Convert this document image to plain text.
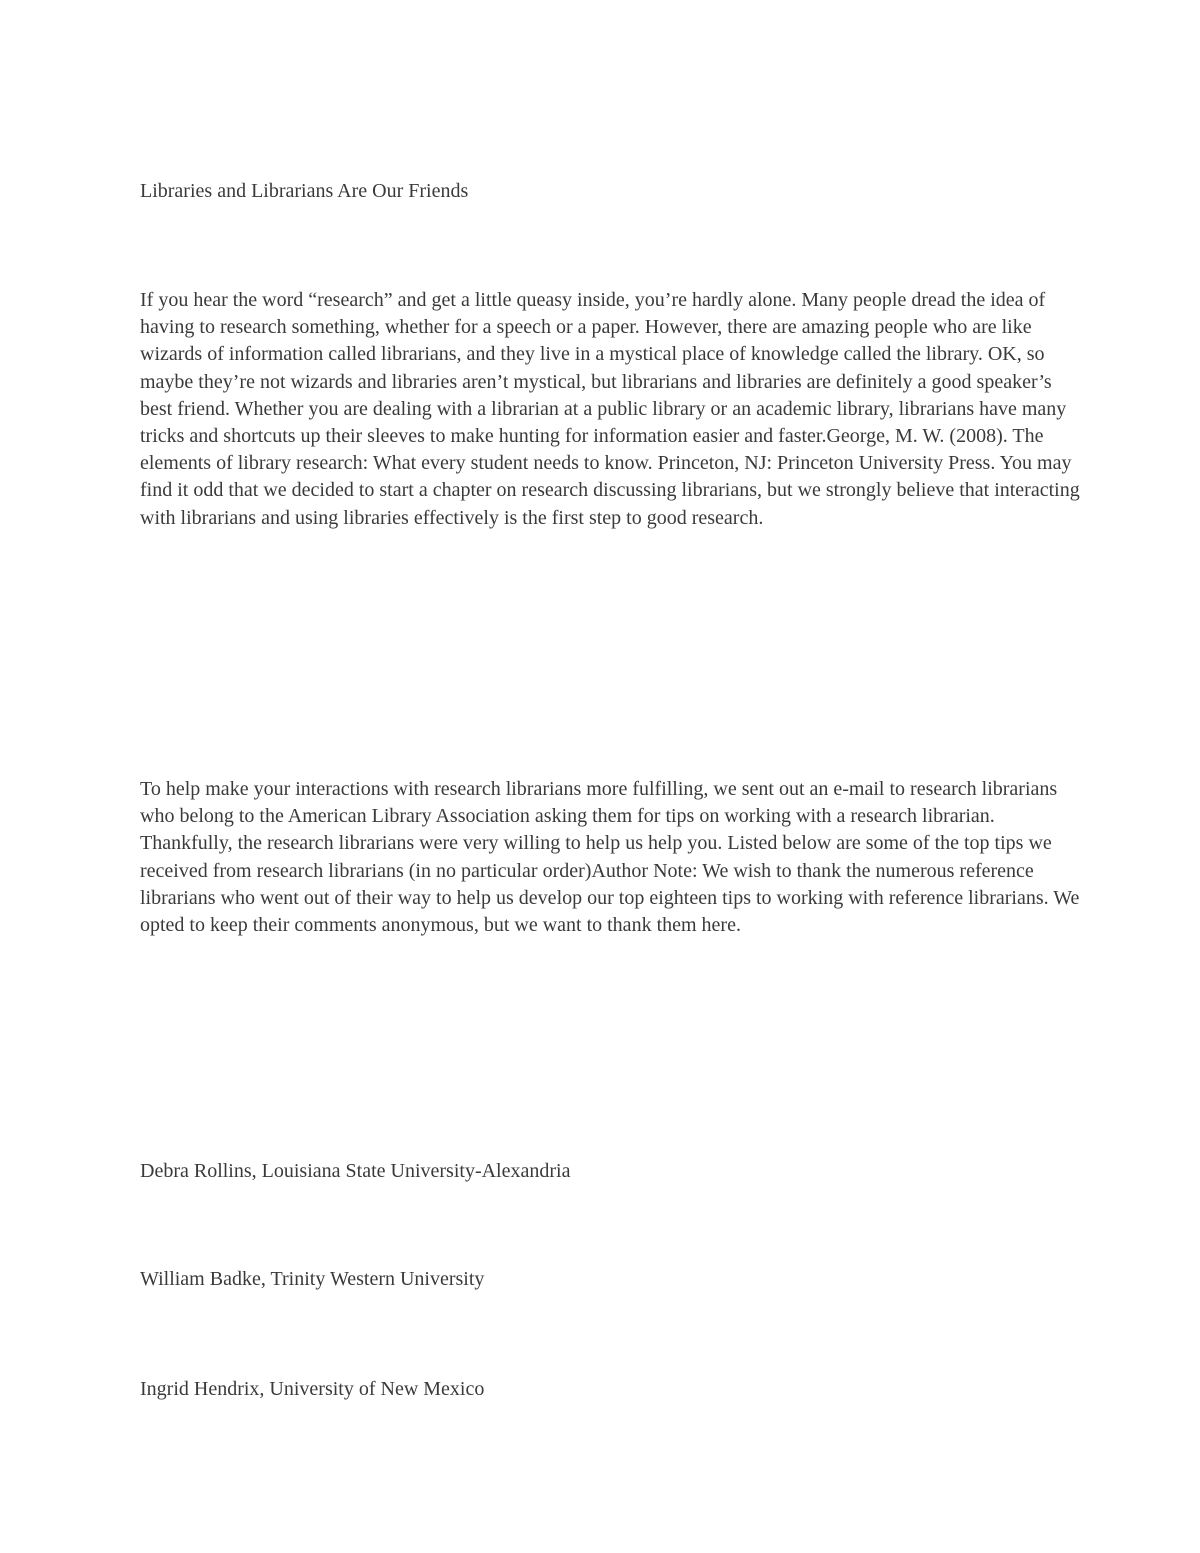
Libraries and Librarians Are Our Friends

If you hear the word “research” and get a little queasy inside, you’re hardly alone. Many people dread the idea of having to research something, whether for a speech or a paper. However, there are amazing people who are like wizards of information called librarians, and they live in a mystical place of knowledge called the library. OK, so maybe they’re not wizards and libraries aren’t mystical, but librarians and libraries are definitely a good speaker’s best friend. Whether you are dealing with a librarian at a public library or an academic library, librarians have many tricks and shortcuts up their sleeves to make hunting for information easier and faster.George, M. W. (2008). The elements of library research: What every student needs to know. Princeton, NJ: Princeton University Press. You may find it odd that we decided to start a chapter on research discussing librarians, but we strongly believe that interacting with librarians and using libraries effectively is the first step to good research.

To help make your interactions with research librarians more fulfilling, we sent out an e-mail to research librarians who belong to the American Library Association asking them for tips on working with a research librarian. Thankfully, the research librarians were very willing to help us help you. Listed below are some of the top tips we received from research librarians (in no particular order)Author Note: We wish to thank the numerous reference librarians who went out of their way to help us develop our top eighteen tips to working with reference librarians. We opted to keep their comments anonymous, but we want to thank them here.

Debra Rollins, Louisiana State University-Alexandria

William Badke, Trinity Western University

Ingrid Hendrix, University of New Mexico
